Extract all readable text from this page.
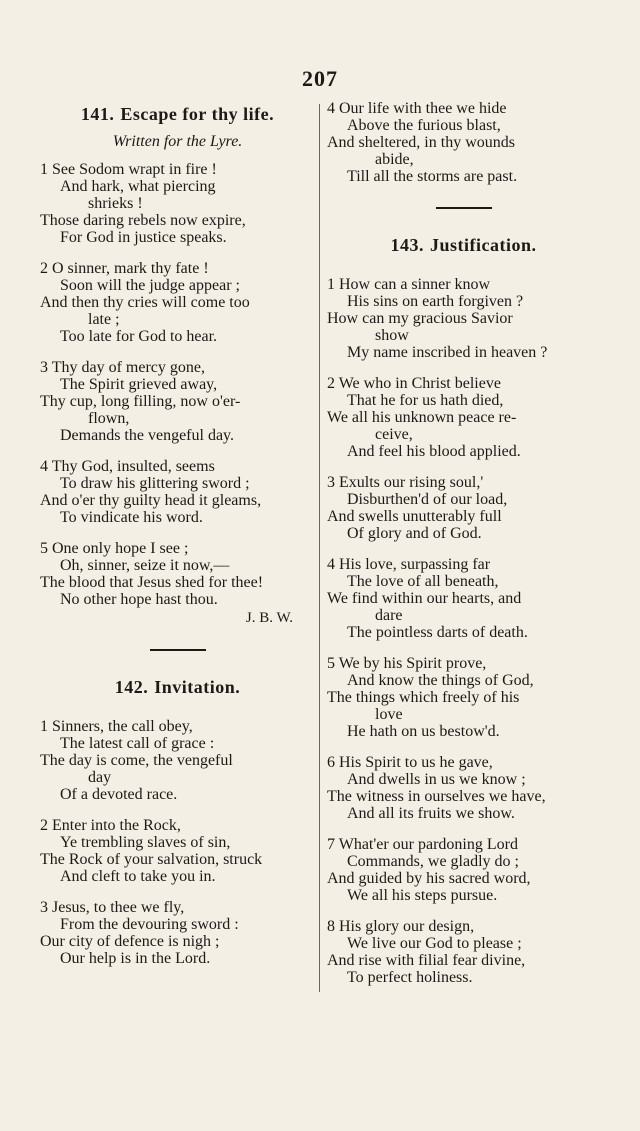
207
141. Escape for thy life.
Written for the Lyre.
1 See Sodom wrapt in fire !
And hark, what piercing
shrieks !
Those daring rebels now expire,
For God in justice speaks.
2 O sinner, mark thy fate !
Soon will the judge appear ;
And then thy cries will come too
late ;
Too late for God to hear.
3 Thy day of mercy gone,
The Spirit grieved away,
Thy cup, long filling, now o'er-
flown,
Demands the vengeful day.
4 Thy God, insulted, seems
To draw his glittering sword ;
And o'er thy guilty head it gleams,
To vindicate his word.
5 One only hope I see ;
Oh, sinner, seize it now,—
The blood that Jesus shed for thee!
No other hope hast thou.
J. B. W.
142. Invitation.
1 Sinners, the call obey,
The latest call of grace :
The day is come, the vengeful
day
Of a devoted race.
2 Enter into the Rock,
Ye trembling slaves of sin,
The Rock of your salvation, struck
And cleft to take you in.
3 Jesus, to thee we fly,
From the devouring sword :
Our city of defence is nigh ;
Our help is in the Lord.
4 Our life with thee we hide
Above the furious blast,
And sheltered, in thy wounds
abide,
Till all the storms are past.
143. Justification.
1 How can a sinner know
His sins on earth forgiven ?
How can my gracious Savior
show
My name inscribed in heaven ?
2 We who in Christ believe
That he for us hath died,
We all his unknown peace re-
ceive,
And feel his blood applied.
3 Exults our rising soul,'
Disburthen'd of our load,
And swells unutterably full
Of glory and of God.
4 His love, surpassing far
The love of all beneath,
We find within our hearts, and
dare
The pointless darts of death.
5 We by his Spirit prove,
And know the things of God,
The things which freely of his
love
He hath on us bestow'd.
6 His Spirit to us he gave,
And dwells in us we know ;
The witness in ourselves we have,
And all its fruits we show.
7 What'er our pardoning Lord
Commands, we gladly do ;
And guided by his sacred word,
We all his steps pursue.
8 His glory our design,
We live our God to please ;
And rise with filial fear divine,
To perfect holiness.
